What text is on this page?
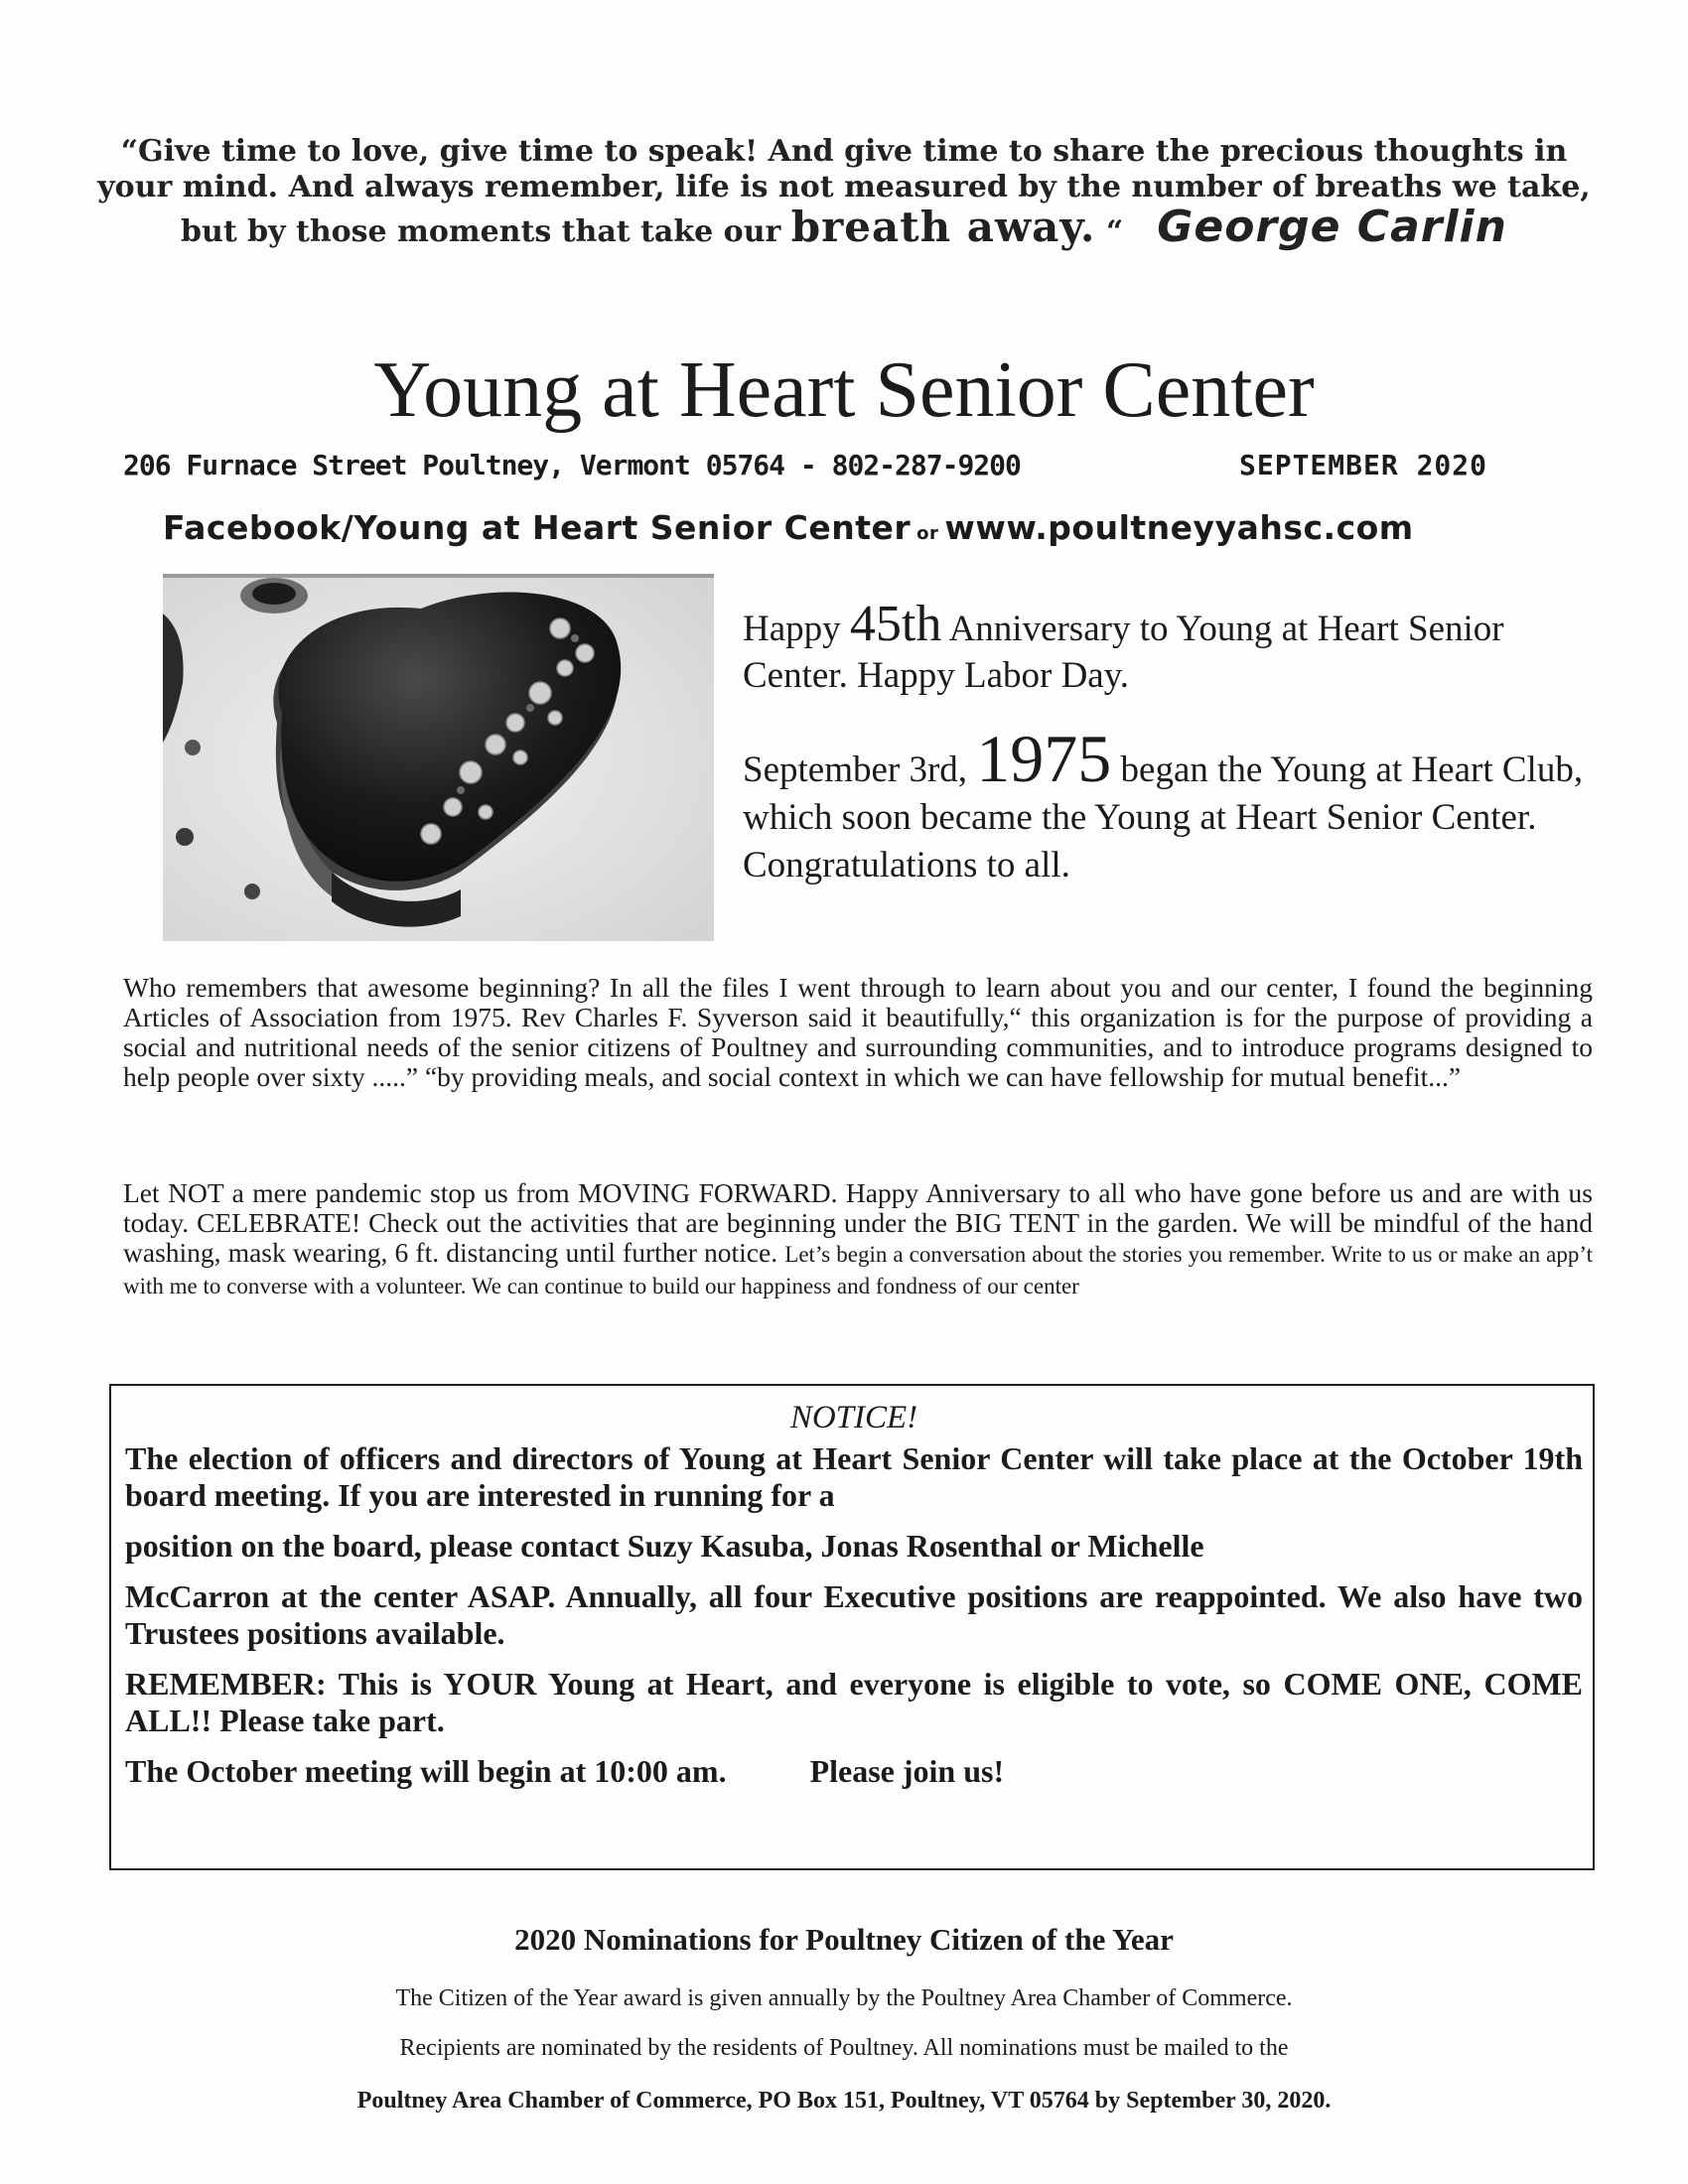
“Give time to love, give time to speak! And give time to share the precious thoughts in
your mind. And always remember, life is not measured by the number of breaths we take,
but by those moments that take our breath away. “ George Carlin
Young at Heart Senior Center
206 Furnace Street Poultney, Vermont 05764 - 802-287-9200	SEPTEMBER 2020
Facebook/Young at Heart Senior Center or www.poultneyyahsc.com
Happy 45th Anniversary to Young at Heart Senior Center. Happy Labor Day.
September 3rd, 1975 began the Young at Heart Club, which soon became the Young at Heart Senior Center. Congratulations to all.
Who remembers that awesome beginning? In all the files I went through to learn about you and our center, I found the beginning Articles of Association from 1975. Rev Charles F. Syverson said it beautifully,“ this organization is for the purpose of providing a social and nutritional needs of the senior citizens of Poultney and surrounding communities, and to introduce programs designed to help people over sixty .....” “by providing meals, and social context in which we can have fellowship for mutual benefit...”
Let NOT a mere pandemic stop us from MOVING FORWARD. Happy Anniversary to all who have gone before us and are with us today. CELEBRATE! Check out the activities that are beginning under the BIG TENT in the garden. We will be mindful of the hand washing, mask wearing, 6 ft. distancing until further notice. Let’s begin a conversation about the stories you remember. Write to us or make an app’t with me to converse with a volunteer. We can continue to build our happiness and fondness of our center
NOTICE!

The election of officers and directors of Young at Heart Senior Center will take place at the October 19th board meeting. If you are interested in running for a

position on the board, please contact Suzy Kasuba, Jonas Rosenthal or Michelle

McCarron at the center ASAP. Annually, all four Executive positions are reappointed. We also have two Trustees positions available.

REMEMBER: This is YOUR Young at Heart, and everyone is eligible to vote, so COME ONE, COME ALL!! Please take part.

The October meeting will begin at 10:00 am.	Please join us!

2020 Nominations for Poultney Citizen of the Year
The Citizen of the Year award is given annually by the Poultney Area Chamber of Commerce.
Recipients are nominated by the residents of Poultney. All nominations must be mailed to the
Poultney Area Chamber of Commerce, PO Box 151, Poultney, VT 05764 by September 30, 2020.
